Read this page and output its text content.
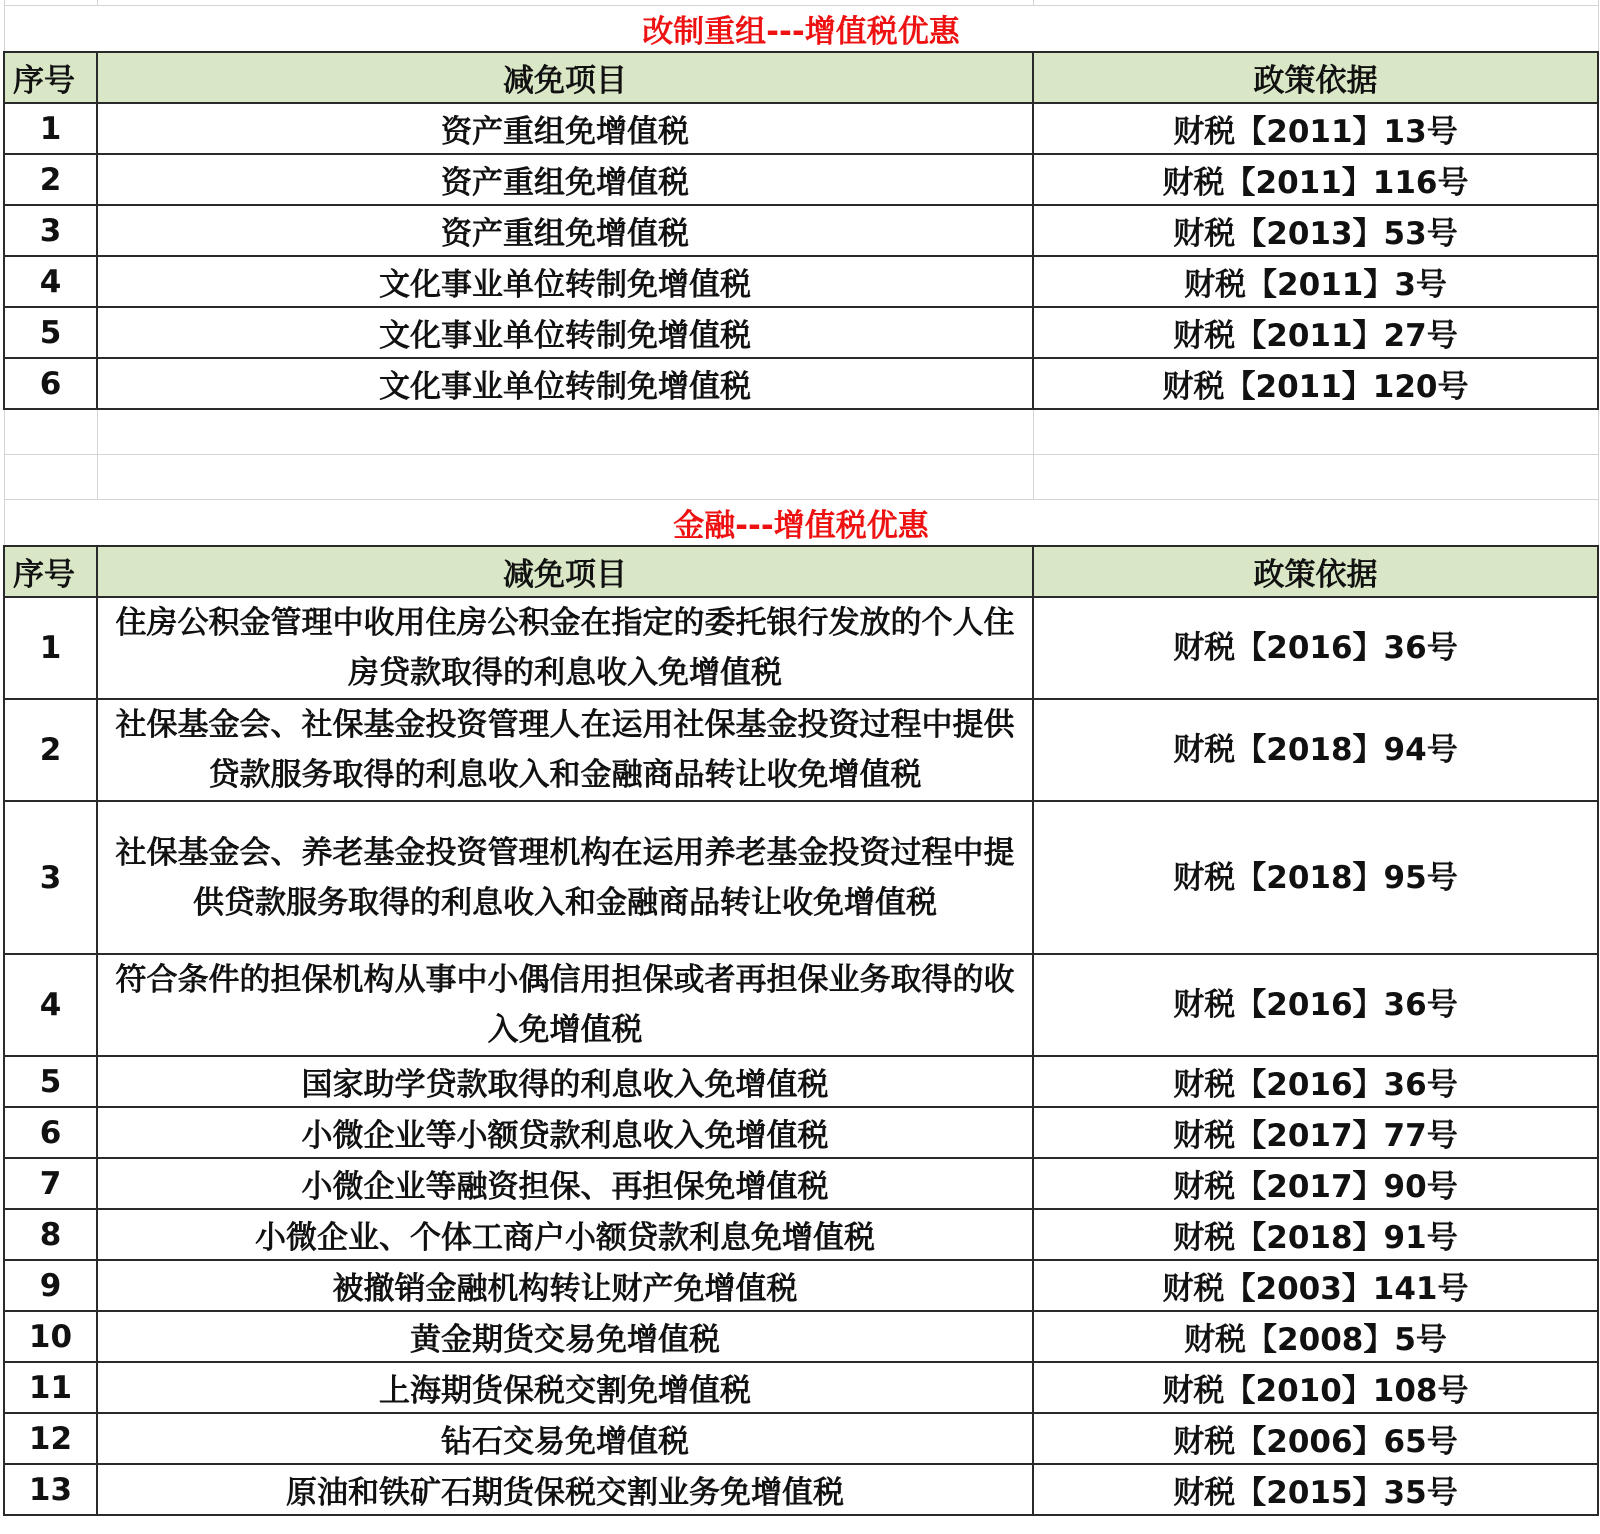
改制重组---增值税优惠		
序号	减免项目	政策依据
1	资产重组免增值税	财税【2011】13号
2	资产重组免增值税	财税【2011】116号
3	资产重组免增值税	财税【2013】53号
4	文化事业单位转制免增值税	财税【2011】3号
5	文化事业单位转制免增值税	财税【2011】27号
6	文化事业单位转制免增值税	财税【2011】120号

金融---增值税优惠		
序号	减免项目	政策依据
1	住房公积金管理中收用住房公积金在指定的委托银行发放的个人住房贷款取得的利息收入免增值税	财税【2016】36号
2	社保基金会、社保基金投资管理人在运用社保基金投资过程中提供贷款服务取得的利息收入和金融商品转让收免增值税	财税【2018】94号
3	社保基金会、养老基金投资管理机构在运用养老基金投资过程中提供贷款服务取得的利息收入和金融商品转让收免增值税	财税【2018】95号
4	符合条件的担保机构从事中小偶信用担保或者再担保业务取得的收入免增值税	财税【2016】36号
5	国家助学贷款取得的利息收入免增值税	财税【2016】36号
6	小微企业等小额贷款利息收入免增值税	财税【2017】77号
7	小微企业等融资担保、再担保免增值税	财税【2017】90号
8	小微企业、个体工商户小额贷款利息免增值税	财税【2018】91号
9	被撤销金融机构转让财产免增值税	财税【2003】141号
10	黄金期货交易免增值税	财税【2008】5号
11	上海期货保税交割免增值税	财税【2010】108号
12	钻石交易免增值税	财税【2006】65号
13	原油和铁矿石期货保税交割业务免增值税	财税【2015】35号
